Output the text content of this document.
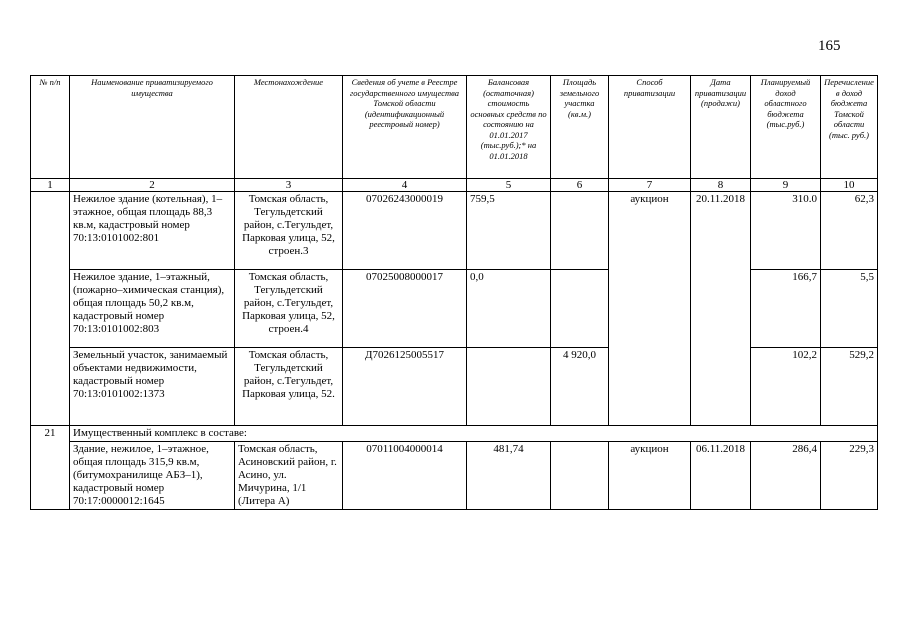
165
№ п/п	Наименование приватизируемого имущества	Местонахождение	Сведения об учете в Реестре государственного имущества Томской области (идентификационный реестровый номер)	Балансовая (остаточная) стоимость основных средств по состоянию на 01.01.2017 (тыс.руб.);* на 01.01.2018	Площадь земельного участка (кв.м.)	Способ приватизации	Дата приватизации (продажи)	Планируемый доход областного бюджета (тыс.руб.)	Перечисление в доход бюджета Томской области (тыс. руб.)
1	2	3	4	5	6	7	8	9	10
	Нежилое здание (котельная), 1–этажное, общая площадь 88,3 кв.м, кадастровый номер 70:13:0101002:801	Томская область, Тегульдетский район, с.Тегульдет, Парковая улица, 52, строен.3	07026243000019	759,5		аукцион	20.11.2018	310.0	62,3
	Нежилое здание, 1–этажный, (пожарно–химическая станция), общая площадь 50,2 кв.м, кадастровый номер 70:13:0101002:803	Томская область, Тегульдетский район, с.Тегульдет, Парковая улица, 52, строен.4	07025008000017	0,0				166,7	5,5
	Земельный участок, занимаемый объектами недвижимости, кадастровый номер 70:13:0101002:1373	Томская область, Тегульдетский район, с.Тегульдет, Парковая улица, 52.	Д7026125005517		4 920,0			102,2	529,2
21	Имущественный комплекс в составе:								
	Здание, нежилое, 1–этажное, общая площадь 315,9 кв.м,(битумохранилище АБЗ–1), кадастровый номер 70:17:0000012:1645	Томская область, Асиновский район, г. Асино, ул. Мичурина, 1/1 (Литера А)	07011004000014	481,74		аукцион	06.11.2018	286,4	229,3
